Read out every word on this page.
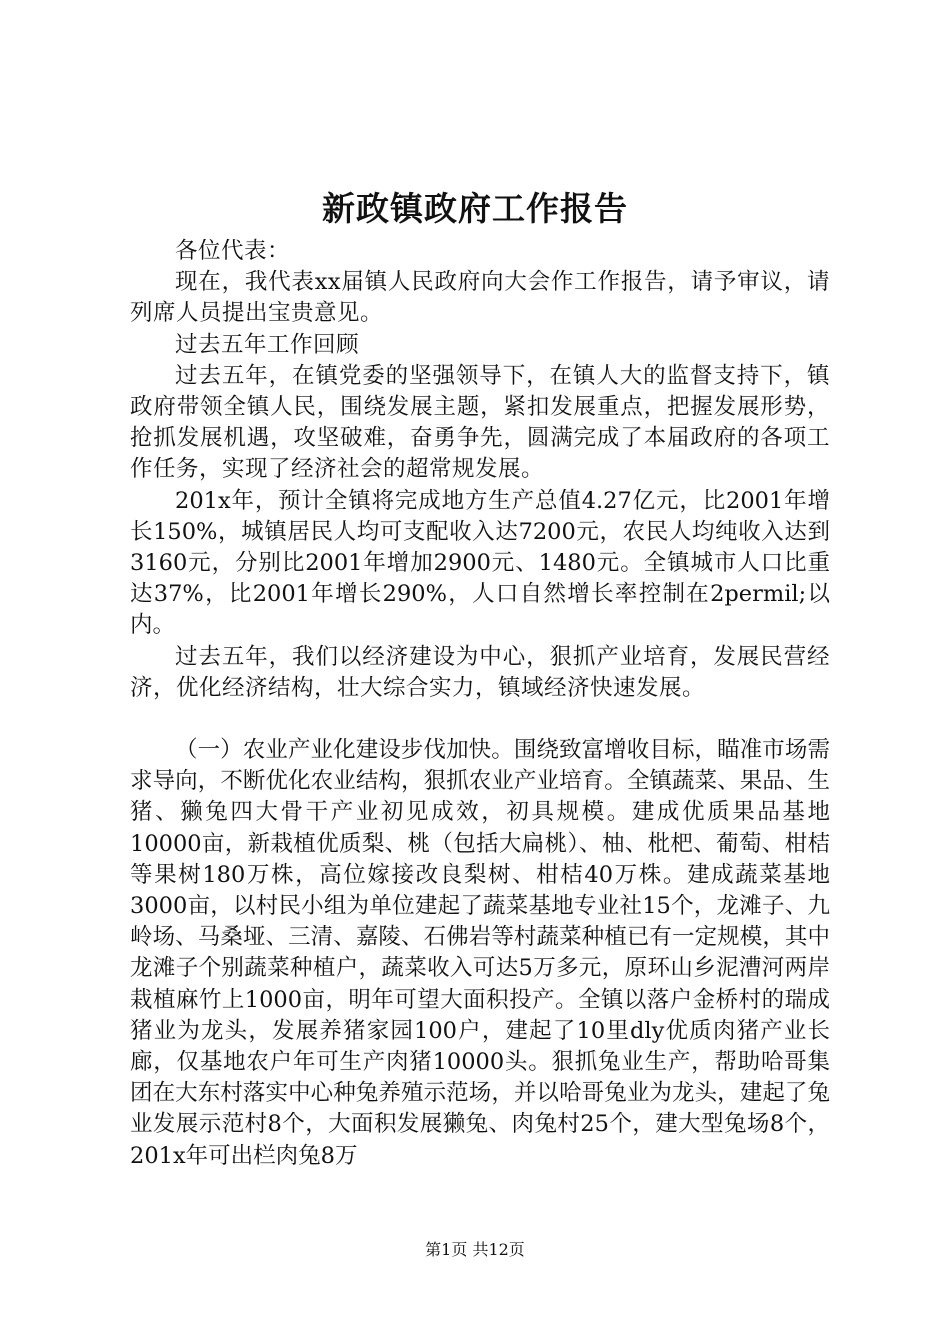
新政镇政府工作报告

各位代表：

现在，我代表xx届镇人民政府向大会作工作报告，请予审议，请列席人员提出宝贵意见。

过去五年工作回顾

过去五年，在镇党委的坚强领导下，在镇人大的监督支持下，镇政府带领全镇人民，围绕发展主题，紧扣发展重点，把握发展形势，抢抓发展机遇，攻坚破难，奋勇争先，圆满完成了本届政府的各项工作任务，实现了经济社会的超常规发展。

201x年，预计全镇将完成地方生产总值4.27亿元，比2001年增长150%，城镇居民人均可支配收入达7200元，农民人均纯收入达到3160元，分别比2001年增加2900元、1480元。全镇城市人口比重达37%，比2001年增长290%，人口自然增长率控制在2permil;以内。

过去五年，我们以经济建设为中心，狠抓产业培育，发展民营经济，优化经济结构，壮大综合实力，镇域经济快速发展。

（一）农业产业化建设步伐加快。围绕致富增收目标，瞄准市场需求导向，不断优化农业结构，狠抓农业产业培育。全镇蔬菜、果品、生猪、獭兔四大骨干产业初见成效，初具规模。建成优质果品基地10000亩，新栽植优质梨、桃（包括大扁桃）、柚、枇杷、葡萄、柑桔等果树180万株，高位嫁接改良梨树、柑桔40万株。建成蔬菜基地3000亩，以村民小组为单位建起了蔬菜基地专业社15个，龙滩子、九岭场、马桑垭、三清、嘉陵、石佛岩等村蔬菜种植已有一定规模，其中龙滩子个别蔬菜种植户，蔬菜收入可达5万多元，原环山乡泥漕河两岸栽植麻竹上1000亩，明年可望大面积投产。全镇以落户金桥村的瑞成猪业为龙头，发展养猪家园100户，建起了10里dly优质肉猪产业长廊，仅基地农户年可生产肉猪10000头。狠抓兔业生产，帮助哈哥集团在大东村落实中心种兔养殖示范场，并以哈哥兔业为龙头，建起了兔业发展示范村8个，大面积发展獭兔、肉兔村25个，建大型兔场8个，201x年可出栏肉兔8万

第1页 共12页
